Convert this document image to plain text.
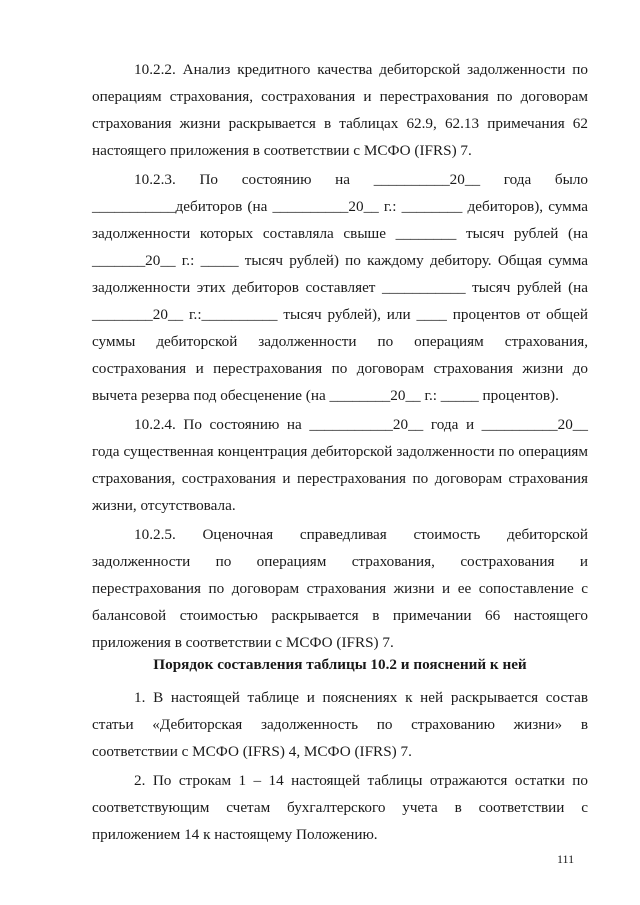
10.2.2. Анализ кредитного качества дебиторской задолженности по операциям страхования, сострахования и перестрахования по договорам страхования жизни раскрывается в таблицах 62.9, 62.13 примечания 62 настоящего приложения в соответствии с МСФО (IFRS) 7.

10.2.3. По состоянию на __________20__ года было ___________дебиторов (на __________20__ г.: ________ дебиторов), сумма задолженности которых составляла свыше ________ тысяч рублей (на _______20__ г.: _____ тысяч рублей) по каждому дебитору. Общая сумма задолженности этих дебиторов составляет ___________ тысяч рублей (на ________20__ г.:__________ тысяч рублей), или ____ процентов от общей суммы дебиторской задолженности по операциям страхования, сострахования и перестрахования по договорам страхования жизни до вычета резерва под обесценение (на ________20__ г.: _____ процентов).

10.2.4. По состоянию на ___________20__ года и __________20__ года существенная концентрация дебиторской задолженности по операциям страхования, сострахования и перестрахования по договорам страхования жизни, отсутствовала.

10.2.5. Оценочная справедливая стоимость дебиторской задолженности по операциям страхования, сострахования и перестрахования по договорам страхования жизни и ее сопоставление с балансовой стоимостью раскрывается в примечании 66 настоящего приложения в соответствии с МСФО (IFRS) 7.

Порядок составления таблицы 10.2 и пояснений к ней

1. В настоящей таблице и пояснениях к ней раскрывается состав статьи «Дебиторская задолженность по страхованию жизни» в соответствии с МСФО (IFRS) 4, МСФО (IFRS) 7.

2. По строкам 1 – 14 настоящей таблицы отражаются остатки по соответствующим счетам бухгалтерского учета в соответствии с приложением 14 к настоящему Положению.

111
